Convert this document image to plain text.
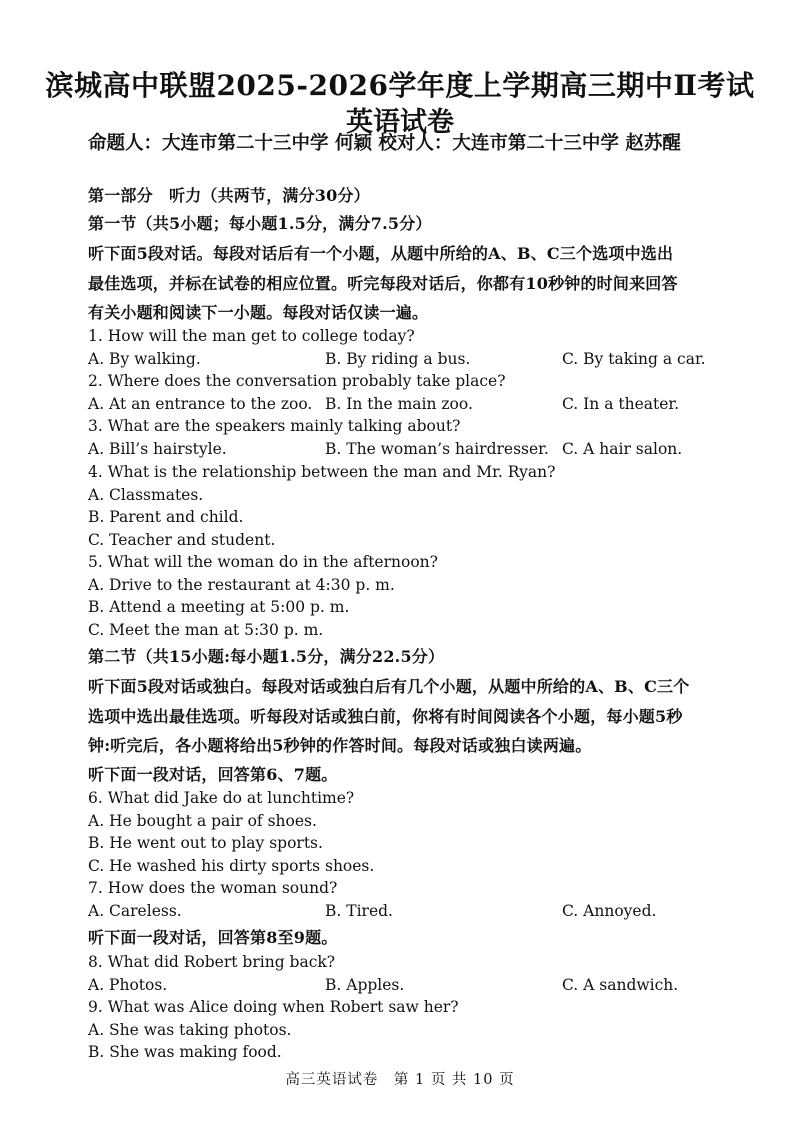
滨城高中联盟2025-2026学年度上学期高三期中Ⅱ考试
英语试卷
命题人：大连市第二十三中学 何颖 校对人：大连市第二十三中学 赵苏醒
第一部分　听力（共两节，满分30分）
第一节（共5小题；每小题1.5分，满分7.5分）
听下面5段对话。每段对话后有一个小题，从题中所给的A、B、C三个选项中选出
最佳选项，并标在试卷的相应位置。听完每段对话后，你都有10秒钟的时间来回答
有关小题和阅读下一小题。每段对话仅读一遍。
1. How will the man get to college today?
A. By walking.	B. By riding a bus.	C. By taking a car.
2. Where does the conversation probably take place?
A. At an entrance to the zoo. B. In the main zoo.	C. In a theater.
3. What are the speakers mainly talking about?
A. Bill’s hairstyle.	B. The woman’s hairdresser. C. A hair salon.
4. What is the relationship between the man and Mr. Ryan?
A. Classmates.
B. Parent and child.
C. Teacher and student.
5. What will the woman do in the afternoon?
A. Drive to the restaurant at 4:30 p. m.
B. Attend a meeting at 5:00 p. m.
C. Meet the man at 5:30 p. m.
第二节（共15小题:每小题1.5分，满分22.5分）
听下面5段对话或独白。每段对话或独白后有几个小题，从题中所给的A、B、C三个
选项中选出最佳选项。听每段对话或独白前，你将有时间阅读各个小题，每小题5秒
钟:听完后，各小题将给出5秒钟的作答时间。每段对话或独白读两遍。
听下面一段对话，回答第6、7题。
6. What did Jake do at lunchtime?
A. He bought a pair of shoes.
B. He went out to play sports.
C. He washed his dirty sports shoes.
7. How does the woman sound?
A. Careless.	B. Tired.	C. Annoyed.
听下面一段对话，回答第8至9题。
8. What did Robert bring back?
A. Photos.	B. Apples.	C. A sandwich.
9. What was Alice doing when Robert saw her?
A. She was taking photos.
B. She was making food.
高三英语试卷　第 1 页 共 10 页
